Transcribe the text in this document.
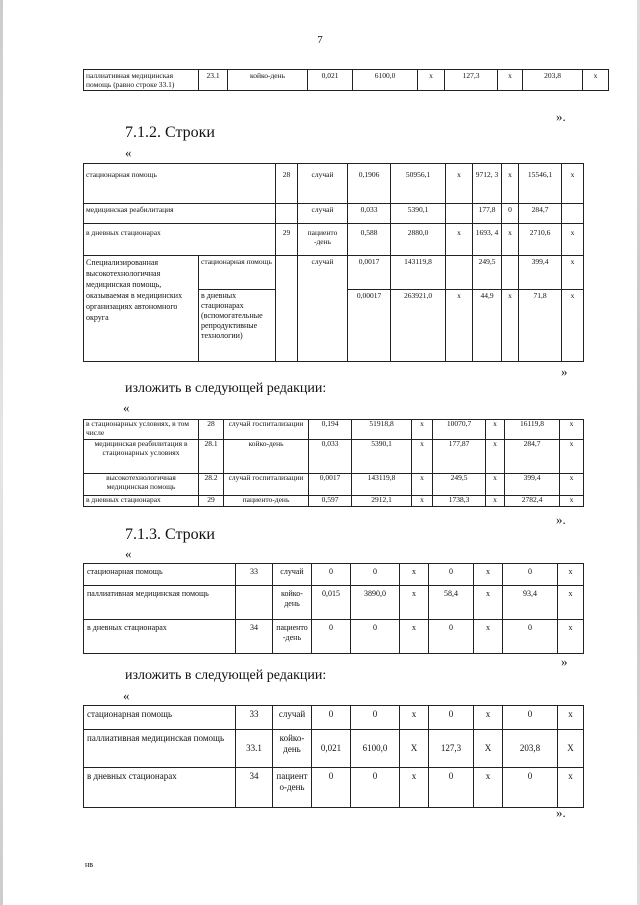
7
паллиативная медицинская помощь (равно строке 33.1)	23.1	койко-день	0,021	6100,0	х	127,3	х	203,8	х
».
7.1.2. Строки
«
стационарная помощь		28	случай	0,1906	50956,1	х	9712, 3	х	15546,1	х
медицинская реабилитация			случай	0,033	5390,1		177,8	0	284,7	
в дневных стационарах		29	пациенто -день	0,588	2880,0	х	1693, 4	х	2710,6	х
Специализированная высокотехнологичная медицинская помощь, оказываемая в медицинских организациях автономного округа	стационарная помощь		случай	0,0017	143119,8		249,5		399,4	х
	в дневных стационарах (вспомогательные репродуктивные технологии)			0,00017	263921,0	х	44,9	х	71,8	х
»
изложить в следующей редакции:
«
в стационарных условиях, в том числе	28	случай госпитализации	0,194	51918,8	х	10070,7	х	16119,8	х
медицинская реабилитация в стационарных условиях	28.1	койко-день	0,033	5390,1	х	177,87	х	284,7	х
высокотехнологичная медицинская помощь	28.2	случай госпитализации	0,0017	143119,8	х	249,5	х	399,4	х
в дневных стационарах	29	пациенто-день	0,597	2912,1	х	1738,3	х	2782,4	х
».
7.1.3. Строки
«
стационарная помощь	33	случай	0	0	х	0	х	0	х
паллиативная медицинская помощь		койко-день	0,015	3890,0	х	58,4	х	93,4	х
в дневных стационарах	34	пациенто -день	0	0	х	0	х	0	х
»
изложить в следующей редакции:
«
стационарная помощь	33	случай	0	0	х	0	х	0	х
паллиативная медицинская помощь	33.1	койко-день	0,021	6100,0	Х	127,3	Х	203,8	Х
в дневных стационарах	34	пациент о-день	0	0	х	0	х	0	х
».
нв
